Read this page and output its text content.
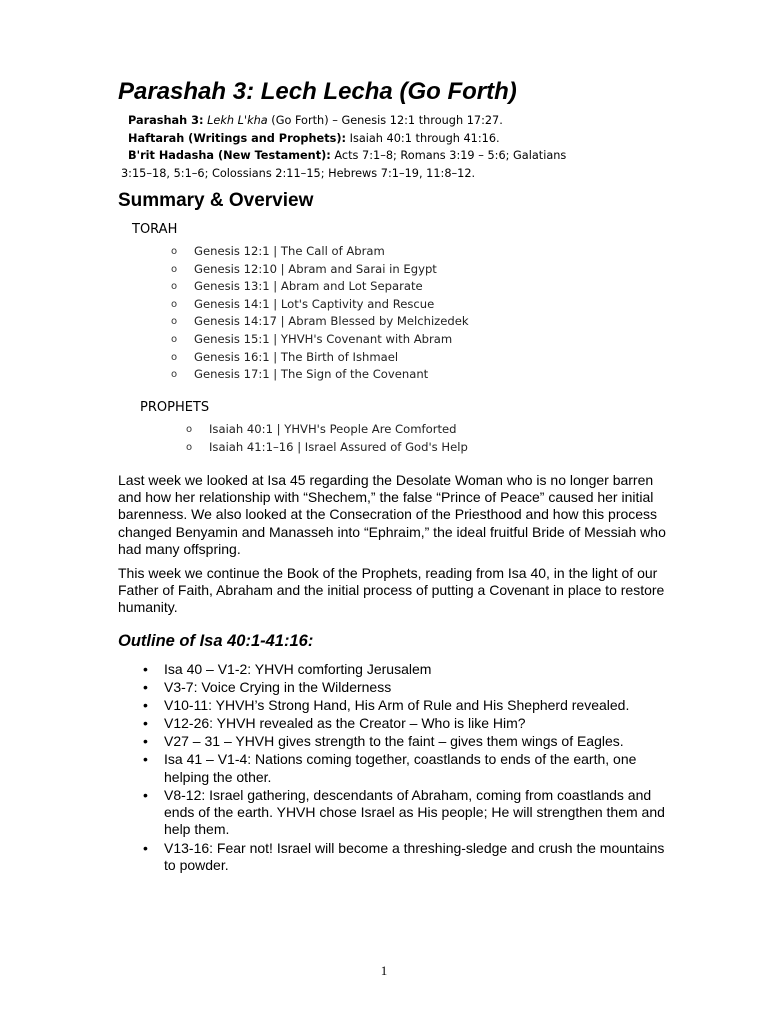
Parashah 3: Lech Lecha (Go Forth)
Parashah 3: Lekh L'kha (Go Forth) – Genesis 12:1 through 17:27.
Haftarah (Writings and Prophets): Isaiah 40:1 through 41:16.
B'rit Hadasha (New Testament): Acts 7:1–8; Romans 3:19 – 5:6; Galatians
3:15–18, 5:1–6; Colossians 2:11–15; Hebrews 7:1–19, 11:8–12.
Summary & Overview
TORAH
o Genesis 12:1 | The Call of Abram
o Genesis 12:10 | Abram and Sarai in Egypt
o Genesis 13:1 | Abram and Lot Separate
o Genesis 14:1 | Lot's Captivity and Rescue
o Genesis 14:17 | Abram Blessed by Melchizedek
o Genesis 15:1 | YHVH's Covenant with Abram
o Genesis 16:1 | The Birth of Ishmael
o Genesis 17:1 | The Sign of the Covenant
PROPHETS
o Isaiah 40:1 | YHVH's People Are Comforted
o Isaiah 41:1–16 | Israel Assured of God's Help

Last week we looked at Isa 45 regarding the Desolate Woman who is no longer barren and how her relationship with “Shechem,” the false “Prince of Peace” caused her initial barenness. We also looked at the Consecration of the Priesthood and how this process changed Benyamin and Manasseh into “Ephraim,” the ideal fruitful Bride of Messiah who had many offspring.

This week we continue the Book of the Prophets, reading from Isa 40, in the light of our Father of Faith, Abraham and the initial process of putting a Covenant in place to restore humanity.

Outline of Isa 40:1-41:16:
• Isa 40 – V1-2: YHVH comforting Jerusalem
• V3-7: Voice Crying in the Wilderness
• V10-11: YHVH’s Strong Hand, His Arm of Rule and His Shepherd revealed.
• V12-26: YHVH revealed as the Creator – Who is like Him?
• V27 – 31 – YHVH gives strength to the faint – gives them wings of Eagles.
• Isa 41 – V1-4: Nations coming together, coastlands to ends of the earth, one helping the other.
• V8-12: Israel gathering, descendants of Abraham, coming from coastlands and ends of the earth. YHVH chose Israel as His people; He will strengthen them and help them.
• V13-16: Fear not! Israel will become a threshing-sledge and crush the mountains to powder.
1
